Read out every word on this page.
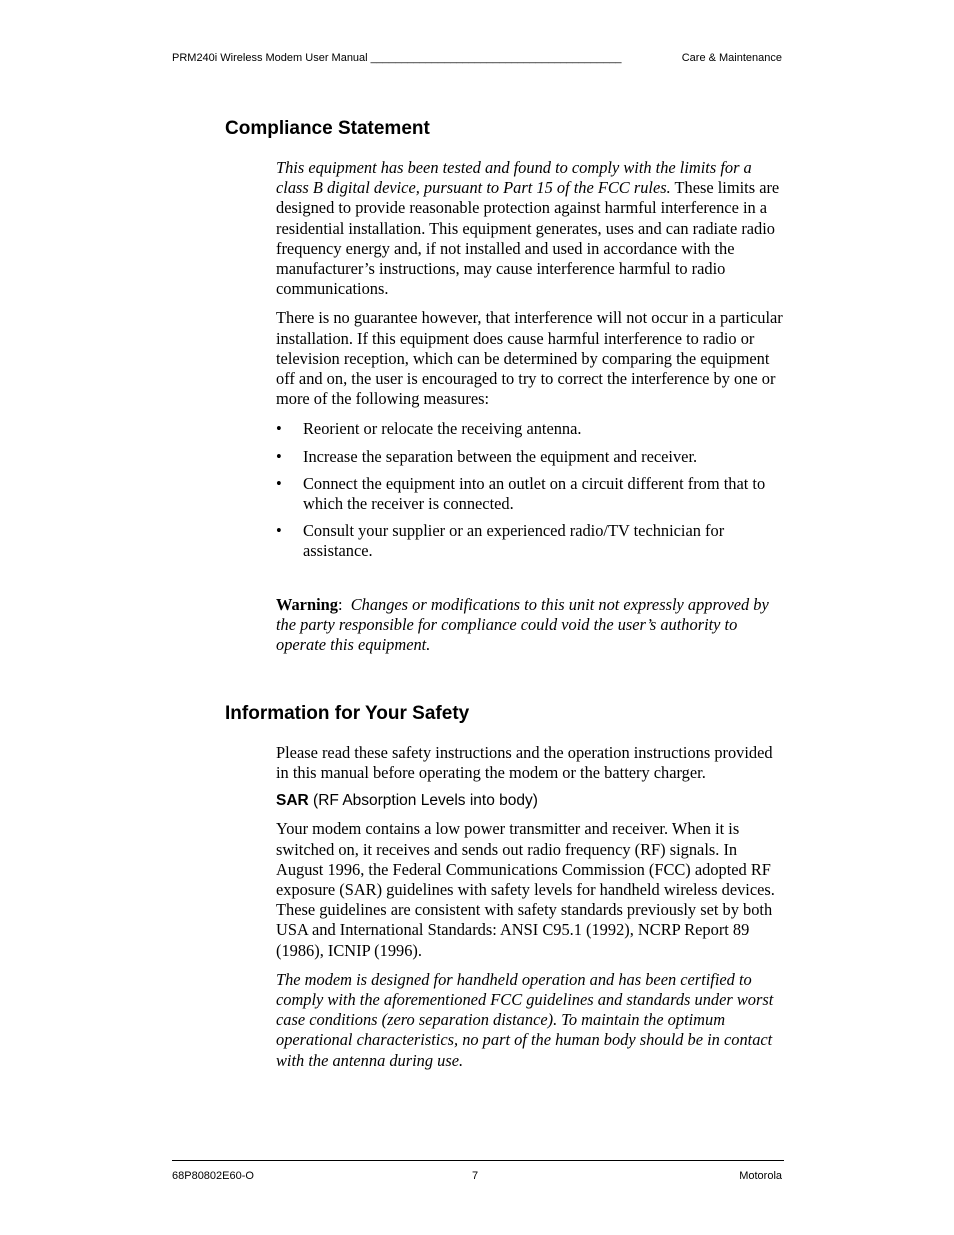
PRM240i Wireless Modem User Manual _________________________________________	Care & Maintenance
Compliance Statement

This equipment has been tested and found to comply with the limits for a class B digital device, pursuant to Part 15 of the FCC rules. These limits are designed to provide reasonable protection against harmful interference in a residential installation. This equipment generates, uses and can radiate radio frequency energy and, if not installed and used in accordance with the manufacturer’s instructions, may cause interference harmful to radio communications.

There is no guarantee however, that interference will not occur in a particular installation. If this equipment does cause harmful interference to radio or television reception, which can be determined by comparing the equipment off and on, the user is encouraged to try to correct the interference by one or more of the following measures:

• Reorient or relocate the receiving antenna.
• Increase the separation between the equipment and receiver.
• Connect the equipment into an outlet on a circuit different from that to which the receiver is connected.
• Consult your supplier or an experienced radio/TV technician for assistance.

Warning:  Changes or modifications to this unit not expressly approved by the party responsible for compliance could void the user’s authority to operate this equipment.

Information for Your Safety

Please read these safety instructions and the operation instructions provided in this manual before operating the modem or the battery charger.

SAR (RF Absorption Levels into body)

Your modem contains a low power transmitter and receiver. When it is switched on, it receives and sends out radio frequency (RF) signals. In August 1996, the Federal Communications Commission (FCC) adopted RF exposure (SAR) guidelines with safety levels for handheld wireless devices. These guidelines are consistent with safety standards previously set by both USA and International Standards: ANSI C95.1 (1992), NCRP Report 89 (1986), ICNIP (1996).

The modem is designed for handheld operation and has been certified to comply with the aforementioned FCC guidelines and standards under worst case conditions (zero separation distance). To maintain the optimum operational characteristics, no part of the human body should be in contact with the antenna during use.

68P80802E60-O	7	Motorola
